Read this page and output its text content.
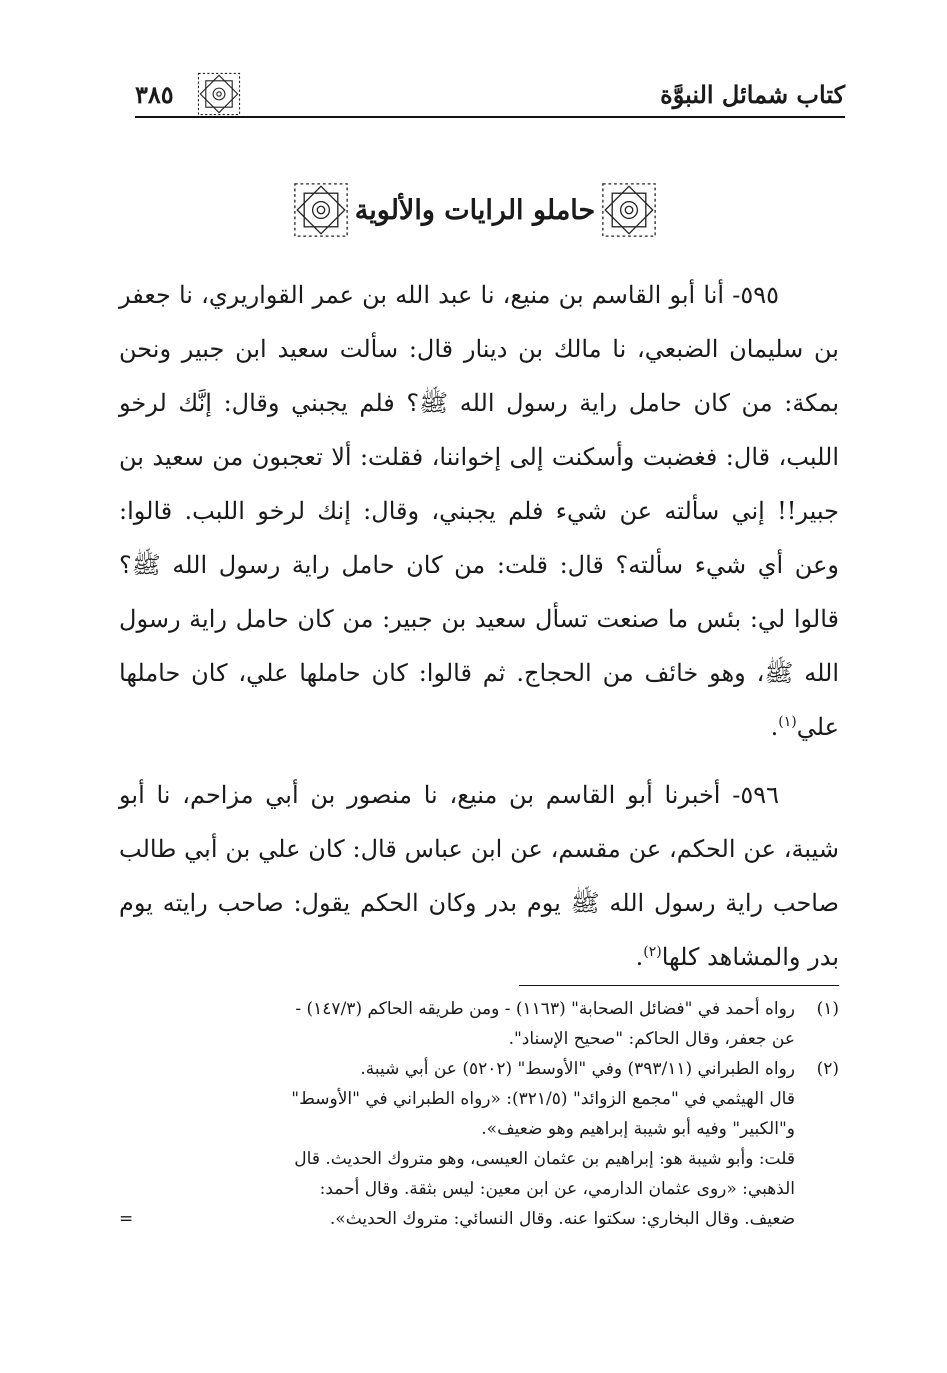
كتاب شمائل النبوَّة
٣٨٥
حاملو الرايات والألوية

٥٩٥- أنا أبو القاسم بن منيع، نا عبد الله بن عمر القواريري، نا جعفر بن سليمان الضبعي، نا مالك بن دينار قال: سألت سعيد ابن جبير ونحن بمكة: من كان حامل راية رسول الله ﷺ؟ فلم يجبني وقال: إنَّك لرخو اللبب، قال: فغضبت وأسكنت إلى إخواننا، فقلت: ألا تعجبون من سعيد بن جبير!! إني سألته عن شيء فلم يجبني، وقال: إنك لرخو اللبب. قالوا: وعن أي شيء سألته؟ قال: قلت: من كان حامل راية رسول الله ﷺ؟ قالوا لي: بئس ما صنعت تسأل سعيد بن جبير: من كان حامل راية رسول الله ﷺ، وهو خائف من الحجاج. ثم قالوا: كان حاملها علي، كان حاملها علي$^{(١)}$.

٥٩٦- أخبرنا أبو القاسم بن منيع، نا منصور بن أبي مزاحم، نا أبو شيبة، عن الحكم، عن مقسم، عن ابن عباس قال: كان علي بن أبي طالب صاحب راية رسول الله ﷺ يوم بدر وكان الحكم يقول: صاحب رايته يوم بدر والمشاهد كلها$^{(٢)}$.

(١)
رواه أحمد في "فضائل الصحابة" (١١٦٣) - ومن طريقه الحاكم (١٤٧/٣) -
عن جعفر، وقال الحاكم: "صحيح الإسناد".
(٢)
رواه الطبراني (٣٩٣/١١) وفي "الأوسط" (٥٢٠٢) عن أبي شيبة.
قال الهيثمي في "مجمع الزوائد" (٣٢١/٥): «رواه الطبراني في "الأوسط"
و"الكبير" وفيه أبو شيبة إبراهيم وهو ضعيف».
قلت: وأبو شيبة هو: إبراهيم بن عثمان العيسى، وهو متروك الحديث. قال
الذهبي: «روى عثمان الدارمي، عن ابن معين: ليس بثقة. وقال أحمد:
ضعيف. وقال البخاري: سكتوا عنه. وقال النسائي: متروك الحديث».
=
